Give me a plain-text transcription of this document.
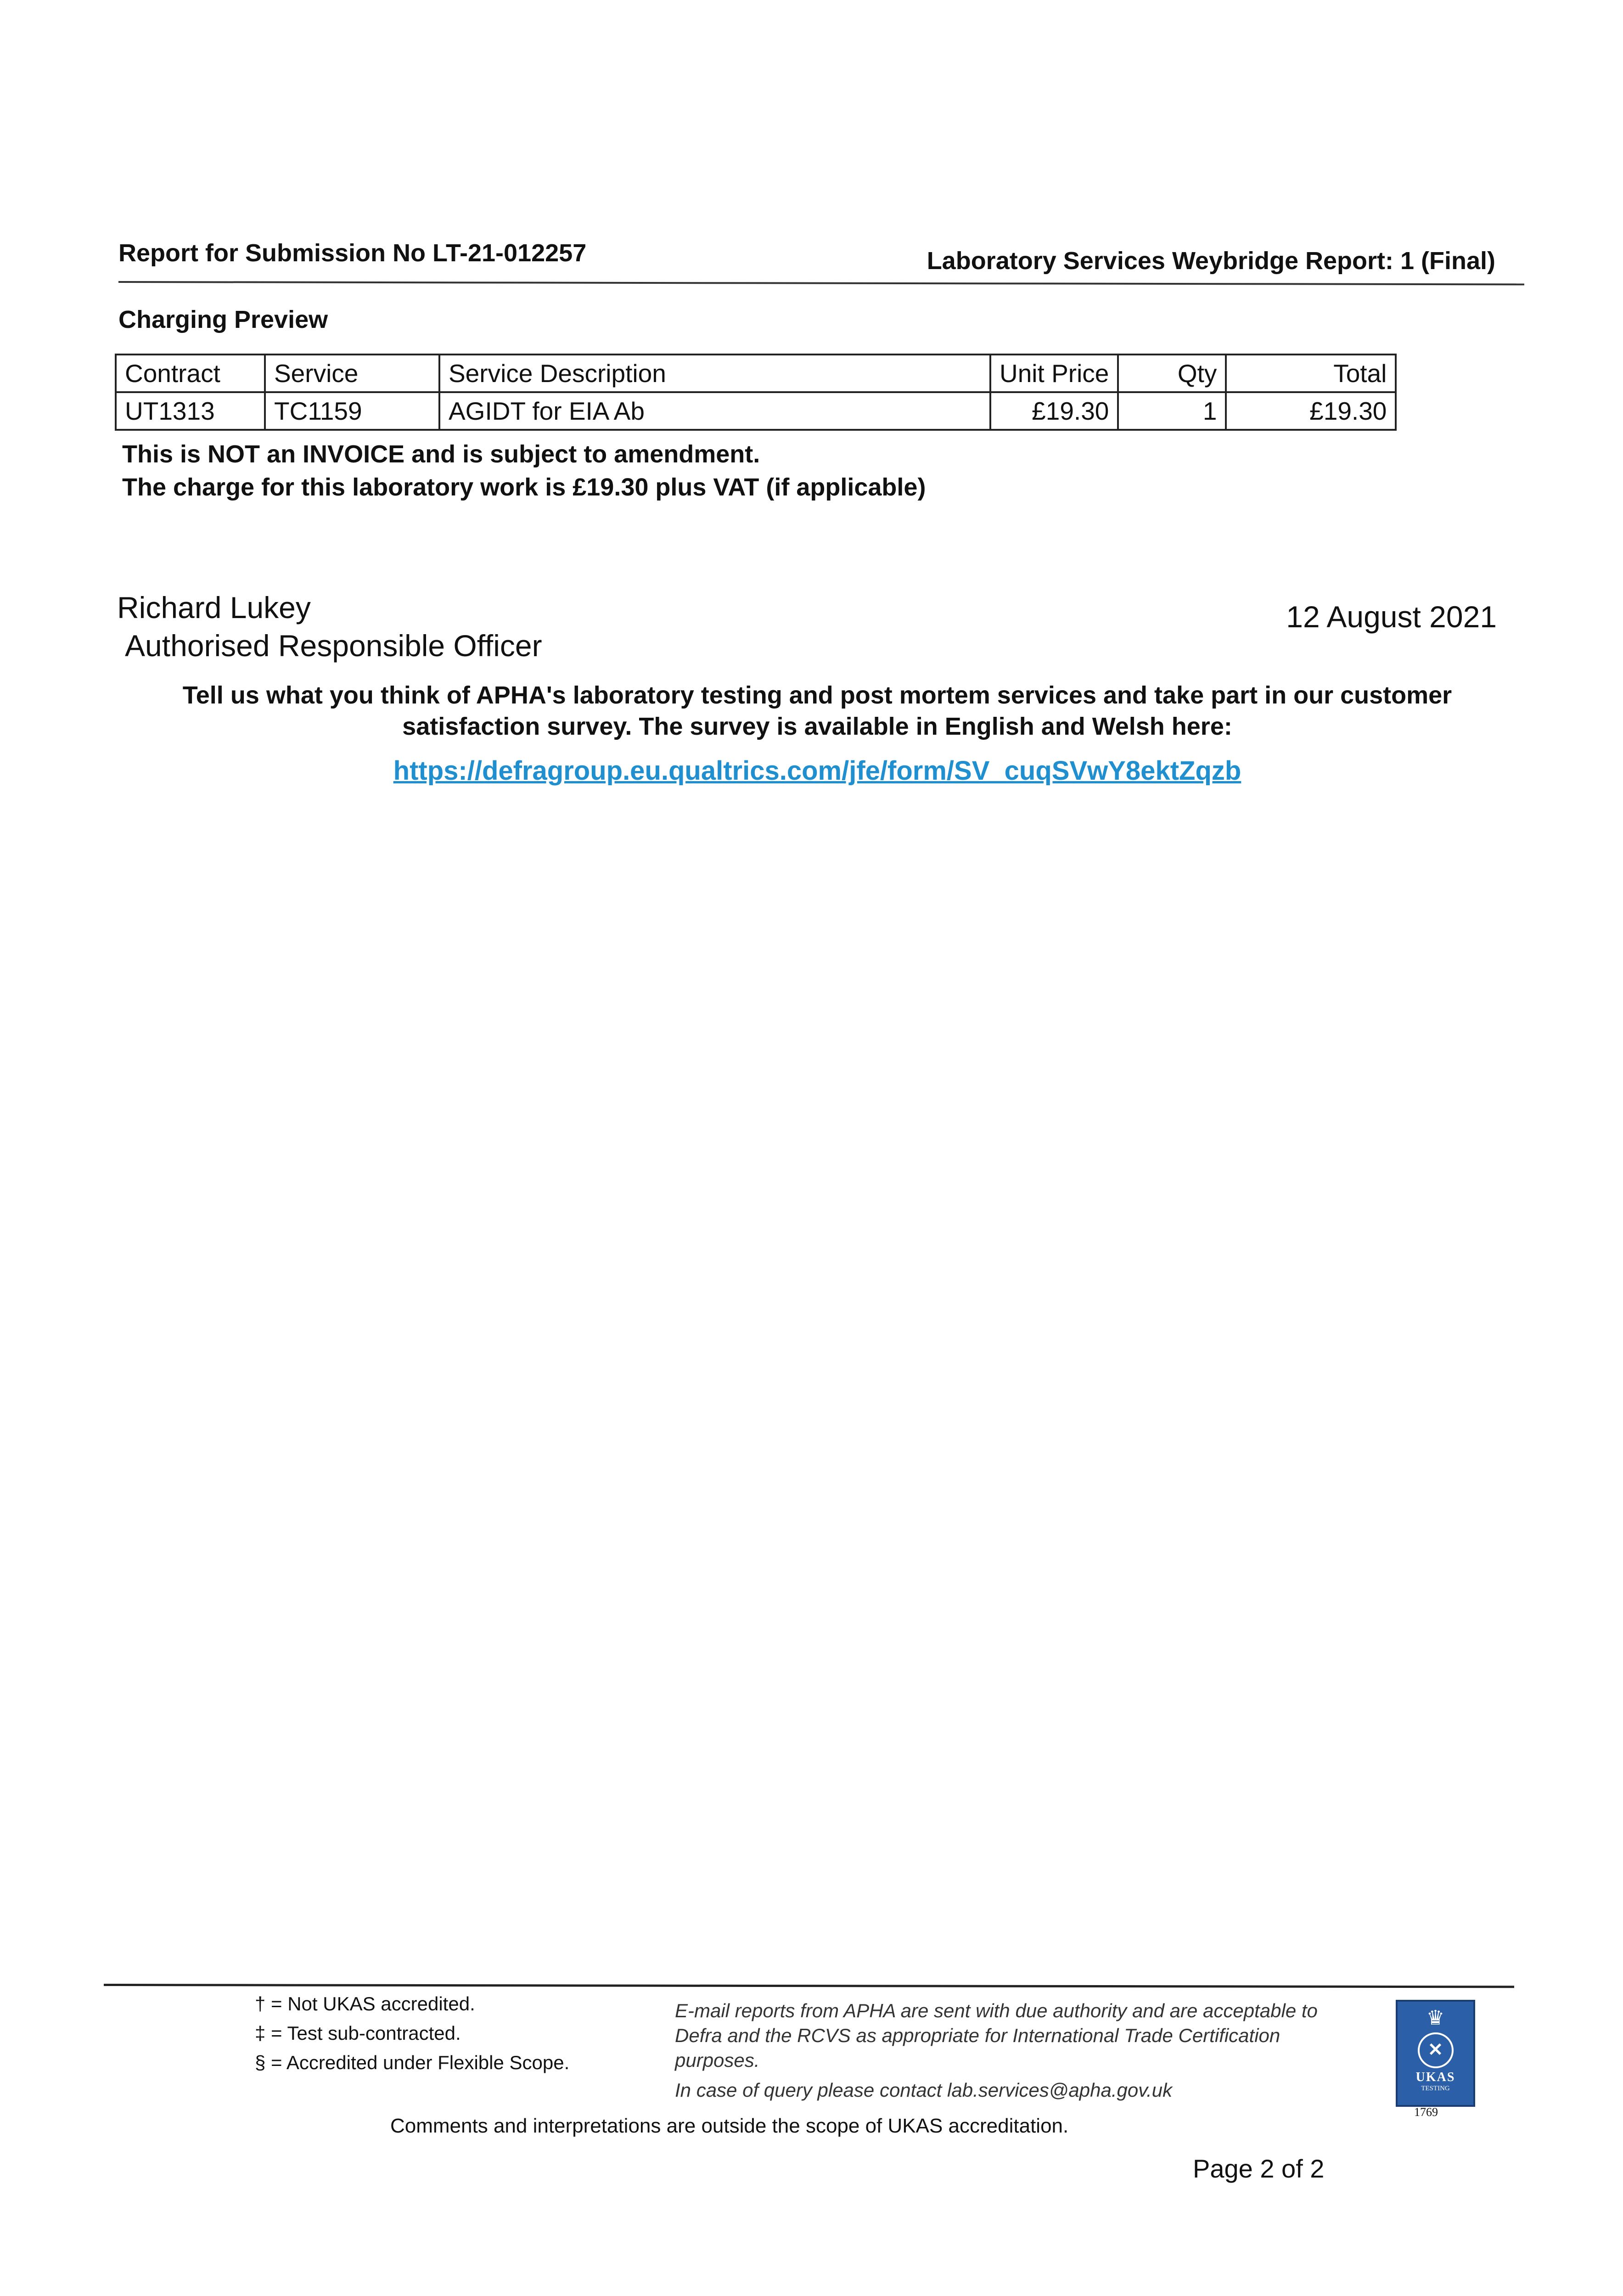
Report for Submission No LT-21-012257	Laboratory Services Weybridge Report: 1 (Final)
Charging Preview
Contract	Service	Service Description	Unit Price	Qty	Total
UT1313	TC1159	AGIDT for EIA Ab	£19.30	1	£19.30
This is NOT an INVOICE and is subject to amendment.
The charge for this laboratory work is £19.30 plus VAT (if applicable)
Richard Lukey
Authorised Responsible Officer
12 August 2021
Tell us what you think of APHA's laboratory testing and post mortem services and take part in our customer satisfaction survey. The survey is available in English and Welsh here:
https://defragroup.eu.qualtrics.com/jfe/form/SV_cuqSVwY8ektZqzb
† = Not UKAS accredited.
‡ = Test sub-contracted.
§ = Accredited under Flexible Scope.
E-mail reports from APHA are sent with due authority and are acceptable to Defra and the RCVS as appropriate for International Trade Certification purposes.
In case of query please contact lab.services@apha.gov.uk
♛
✕
UKAS
TESTING
1769
Comments and interpretations are outside the scope of UKAS accreditation.
Page 2 of 2
